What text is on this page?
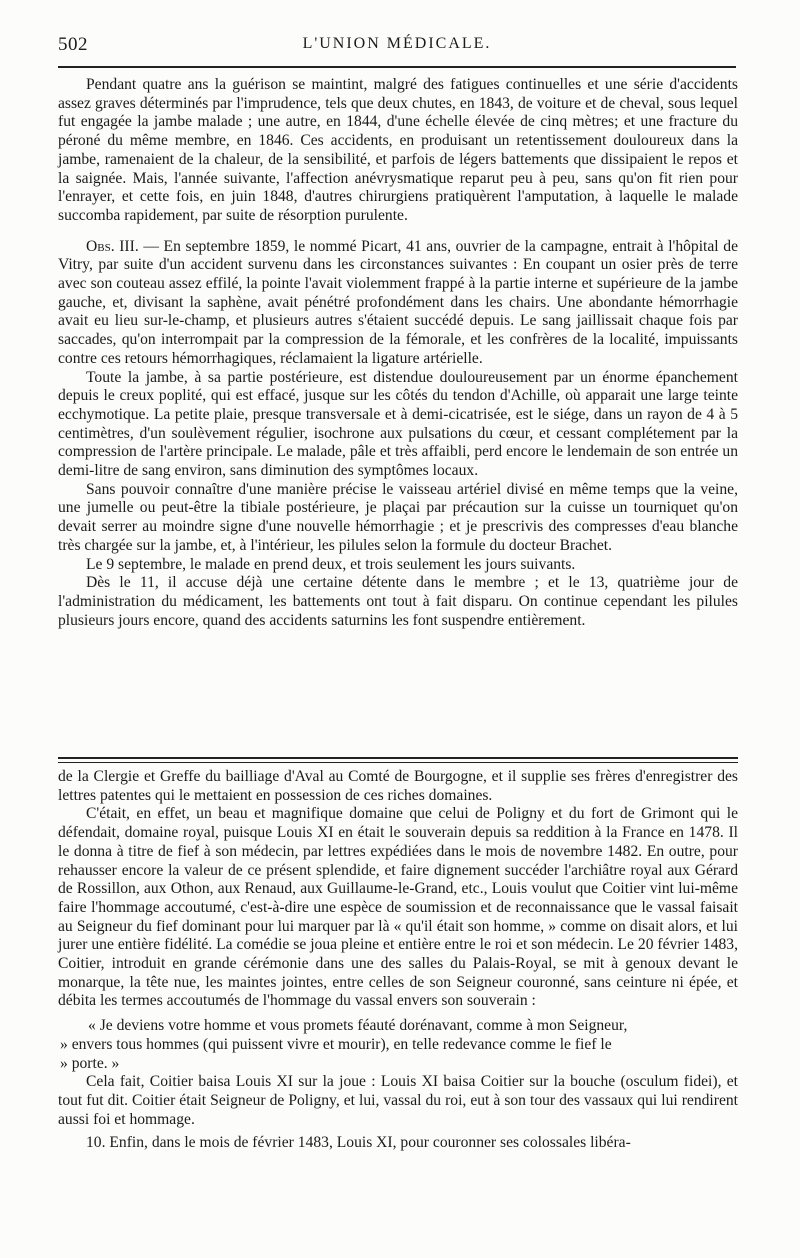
502	L'UNION MÉDICALE.

Pendant quatre ans la guérison se maintint, malgré des fatigues continuelles et une série d'accidents assez graves déterminés par l'imprudence, tels que deux chutes, en 1843, de voiture et de cheval, sous lequel fut engagée la jambe malade ; une autre, en 1844, d'une échelle élevée de cinq mètres; et une fracture du péroné du même membre, en 1846. Ces accidents, en produisant un retentissement douloureux dans la jambe, ramenaient de la chaleur, de la sensibilité, et parfois de légers battements que dissipaient le repos et la saignée. Mais, l'année suivante, l'affection anévrysmatique reparut peu à peu, sans qu'on fit rien pour l'enrayer, et cette fois, en juin 1848, d'autres chirurgiens pratiquèrent l'amputation, à laquelle le malade succomba rapidement, par suite de résorption purulente.

Obs. III. — En septembre 1859, le nommé Picart, 41 ans, ouvrier de la campagne, entrait à l'hôpital de Vitry, par suite d'un accident survenu dans les circonstances suivantes : En coupant un osier près de terre avec son couteau assez effilé, la pointe l'avait violemment frappé à la partie interne et supérieure de la jambe gauche, et, divisant la saphène, avait pénétré profondément dans les chairs. Une abondante hémorrhagie avait eu lieu sur-le-champ, et plusieurs autres s'étaient succédé depuis. Le sang jaillissait chaque fois par saccades, qu'on interrompait par la compression de la fémorale, et les confrères de la localité, impuissants contre ces retours hémorrhagiques, réclamaient la ligature artérielle.

Toute la jambe, à sa partie postérieure, est distendue douloureusement par un énorme épanchement depuis le creux poplité, qui est effacé, jusque sur les côtés du tendon d'Achille, où apparait une large teinte ecchymotique. La petite plaie, presque transversale et à demi-cicatrisée, est le siége, dans un rayon de 4 à 5 centimètres, d'un soulèvement régulier, isochrone aux pulsations du cœur, et cessant complétement par la compression de l'artère principale. Le malade, pâle et très affaibli, perd encore le lendemain de son entrée un demi-litre de sang environ, sans diminution des symptômes locaux.

Sans pouvoir connaître d'une manière précise le vaisseau artériel divisé en même temps que la veine, une jumelle ou peut-être la tibiale postérieure, je plaçai par précaution sur la cuisse un tourniquet qu'on devait serrer au moindre signe d'une nouvelle hémorrhagie ; et je prescrivis des compresses d'eau blanche très chargée sur la jambe, et, à l'intérieur, les pilules selon la formule du docteur Brachet.

Le 9 septembre, le malade en prend deux, et trois seulement les jours suivants.

Dès le 11, il accuse déjà une certaine détente dans le membre ; et le 13, quatrième jour de l'administration du médicament, les battements ont tout à fait disparu. On continue cependant les pilules plusieurs jours encore, quand des accidents saturnins les font suspendre entièrement.

de la Clergie et Greffe du bailliage d'Aval au Comté de Bourgogne, et il supplie ses frères d'enregistrer des lettres patentes qui le mettaient en possession de ces riches domaines.

C'était, en effet, un beau et magnifique domaine que celui de Poligny et du fort de Grimont qui le défendait, domaine royal, puisque Louis XI en était le souverain depuis sa reddition à la France en 1478. Il le donna à titre de fief à son médecin, par lettres expédiées dans le mois de novembre 1482. En outre, pour rehausser encore la valeur de ce présent splendide, et faire dignement succéder l'archiâtre royal aux Gérard de Rossillon, aux Othon, aux Renaud, aux Guillaume-le-Grand, etc., Louis voulut que Coitier vint lui-même faire l'hommage accoutumé, c'est-à-dire une espèce de soumission et de reconnaissance que le vassal faisait au Seigneur du fief dominant pour lui marquer par là « qu'il était son homme, » comme on disait alors, et lui jurer une entière fidélité. La comédie se joua pleine et entière entre le roi et son médecin. Le 20 février 1483, Coitier, introduit en grande cérémonie dans une des salles du Palais-Royal, se mit à genoux devant le monarque, la tête nue, les maintes jointes, entre celles de son Seigneur couronné, sans ceinture ni épée, et débita les termes accoutumés de l'hommage du vassal envers son souverain :

« Je deviens votre homme et vous promets féauté dorénavant, comme à mon Seigneur,
» envers tous hommes (qui puissent vivre et mourir), en telle redevance comme le fief le
» porte. »

Cela fait, Coitier baisa Louis XI sur la joue : Louis XI baisa Coitier sur la bouche (osculum fidei), et tout fut dit. Coitier était Seigneur de Poligny, et lui, vassal du roi, eut à son tour des vassaux qui lui rendirent aussi foi et hommage.

10. Enfin, dans le mois de février 1483, Louis XI, pour couronner ses colossales libéra-
